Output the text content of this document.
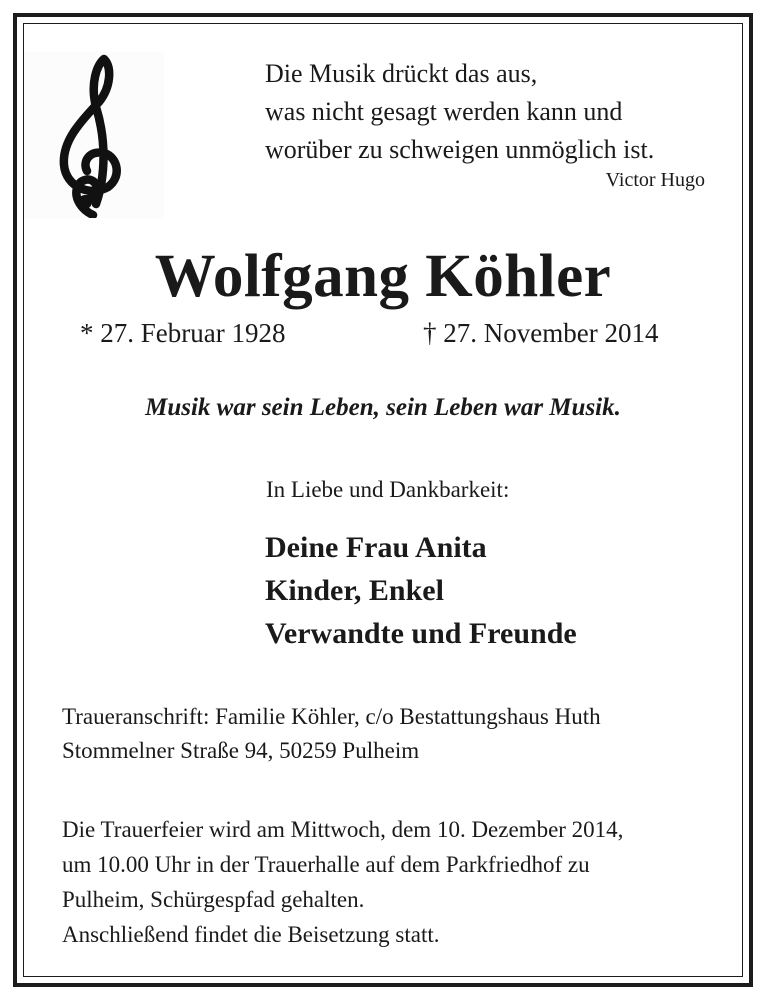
Die Musik drückt das aus,
was nicht gesagt werden kann und
worüber zu schweigen unmöglich ist.
Victor Hugo
Wolfgang Köhler
* 27. Februar 1928	† 27. November 2014
Musik war sein Leben, sein Leben war Musik.
In Liebe und Dankbarkeit:
Deine Frau Anita
Kinder, Enkel
Verwandte und Freunde
Traueranschrift: Familie Köhler, c/o Bestattungshaus Huth
Stommelner Straße 94, 50259 Pulheim
Die Trauerfeier wird am Mittwoch, dem 10. Dezember 2014,
um 10.00 Uhr in der Trauerhalle auf dem Parkfriedhof zu
Pulheim, Schürgespfad gehalten.
Anschließend findet die Beisetzung statt.
